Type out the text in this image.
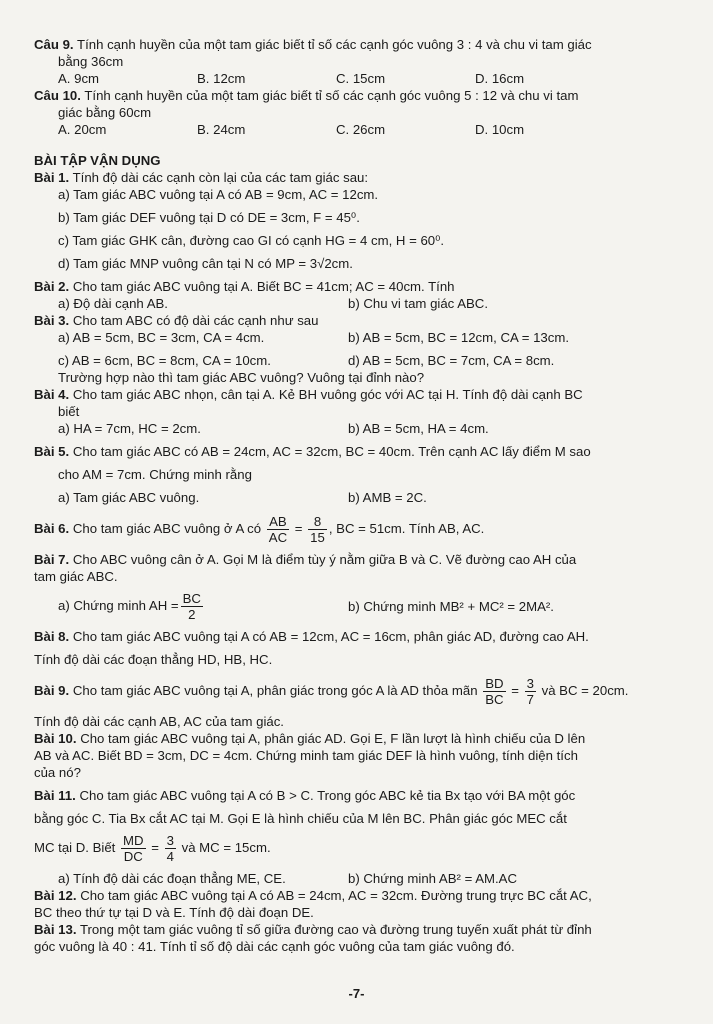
Câu 9. Tính cạnh huyền của một tam giác biết tỉ số các cạnh góc vuông 3 : 4 và chu vi tam giác

bằng 36cm

A. 9cm	B. 12cm	C. 15cm	D. 16cm

Câu 10. Tính cạnh huyền của một tam giác biết tỉ số các cạnh góc vuông 5 : 12 và chu vi tam

giác bằng 60cm

A. 20cm	B. 24cm	C. 26cm	D. 10cm

BÀI TẬP VẬN DỤNG

Bài 1. Tính độ dài các cạnh còn lại của các tam giác sau:

a) Tam giác ABC vuông tại A có AB = 9cm, AC = 12cm.

b) Tam giác DEF vuông tại D có DE = 3cm, F = 45⁰.

c) Tam giác GHK cân, đường cao GI có cạnh HG = 4 cm, H = 60⁰.

d) Tam giác MNP vuông cân tại N có MP = 3√2cm.

Bài 2. Cho tam giác ABC vuông tại A. Biết BC = 41cm; AC = 40cm. Tính

a) Độ dài cạnh AB.	b) Chu vi tam giác ABC.

Bài 3. Cho tam ABC có độ dài các cạnh như sau

a) AB = 5cm, BC = 3cm, CA = 4cm.	b) AB = 5cm, BC = 12cm, CA = 13cm.
c) AB = 6cm, BC = 8cm, CA = 10cm.	d) AB = 5cm, BC = 7cm, CA = 8cm.

Trường hợp nào thì tam giác ABC vuông? Vuông tại đỉnh nào?

Bài 4. Cho tam giác ABC nhọn, cân tại A. Kẻ BH vuông góc với AC tại H. Tính độ dài cạnh BC

biết

a) HA = 7cm, HC = 2cm.	b) AB = 5cm, HA = 4cm.

Bài 5. Cho tam giác ABC có AB = 24cm, AC = 32cm, BC = 40cm. Trên cạnh AC lấy điểm M sao

cho AM = 7cm. Chứng minh rằng

a) Tam giác ABC vuông.	b) AMB = 2C.

Bài 6. Cho tam giác ABC vuông ở A có $\frac{AB}{AC} = \frac{8}{15}$ , BC = 51cm. Tính AB, AC.

Bài 7. Cho ABC vuông cân ở A. Gọi M là điểm tùy ý nằm giữa B và C. Vẽ đường cao AH của

tam giác ABC.

a) Chứng minh AH = $\frac{BC}{2}$	b) Chứng minh MB² + MC² = 2MA².

Bài 8. Cho tam giác ABC vuông tại A có AB = 12cm, AC = 16cm, phân giác AD, đường cao AH.

Tính độ dài các đoạn thẳng HD, HB, HC.

Bài 9. Cho tam giác ABC vuông tại A, phân giác trong góc A là AD thỏa mãn $\frac{BD}{BC} = \frac{3}{7}$ và BC = 20cm.

Tính độ dài các cạnh AB, AC của tam giác.

Bài 10. Cho tam giác ABC vuông tại A, phân giác AD. Gọi E, F lần lượt là hình chiếu của D lên

AB và AC. Biết BD = 3cm, DC = 4cm. Chứng minh tam giác DEF là hình vuông, tính diện tích

của nó?

Bài 11. Cho tam giác ABC vuông tại A có B > C. Trong góc ABC kẻ tia Bx tạo với BA một góc

bằng góc C. Tia Bx cắt AC tại M. Gọi E là hình chiếu của M lên BC. Phân giác góc MEC cắt

MC tại D. Biết $\frac{MD}{DC} = \frac{3}{4}$ và MC = 15cm.

a) Tính độ dài các đoạn thẳng ME, CE.	b) Chứng minh AB² = AM.AC

Bài 12. Cho tam giác ABC vuông tại A có AB = 24cm, AC = 32cm. Đường trung trực BC cắt AC,

BC theo thứ tự tại D và E. Tính độ dài đoạn DE.

Bài 13. Trong một tam giác vuông tỉ số giữa đường cao và đường trung tuyến xuất phát từ đỉnh

góc vuông là 40 : 41. Tính tỉ số độ dài các cạnh góc vuông của tam giác vuông đó.

-7-
